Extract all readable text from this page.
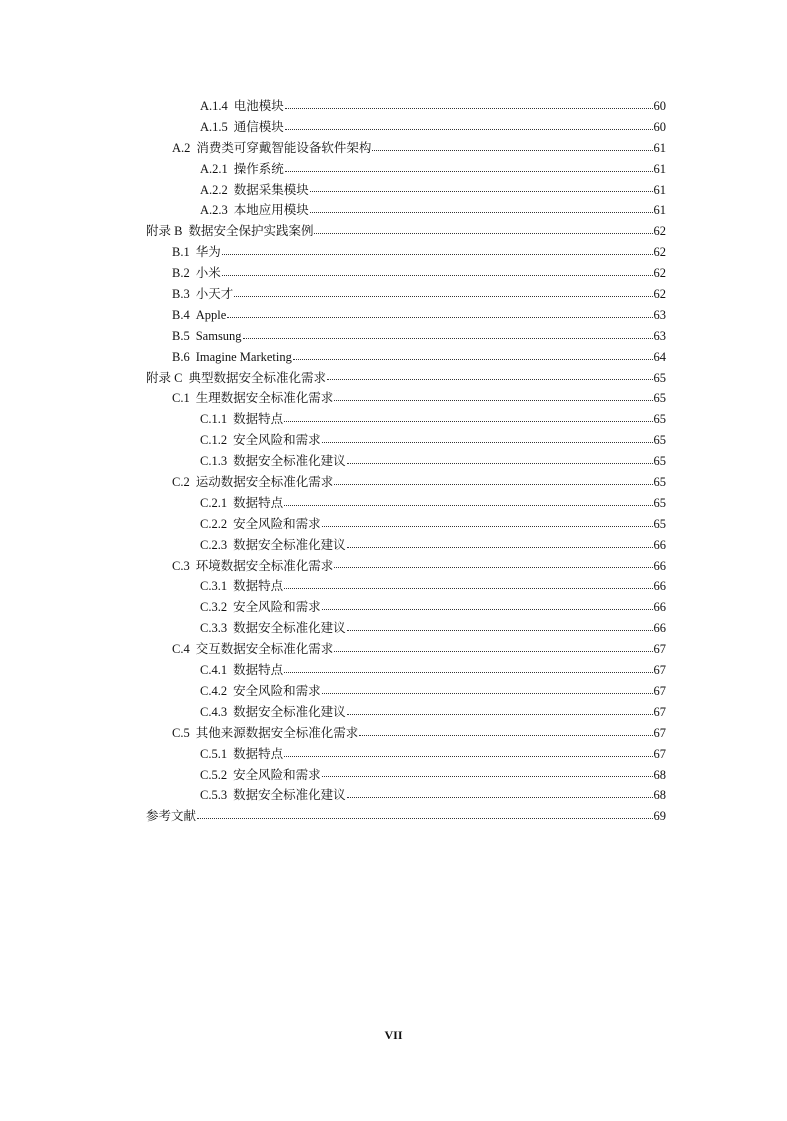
A.1.4 电池模块	60
A.1.5 通信模块	60
A.2 消费类可穿戴智能设备软件架构	61
A.2.1 操作系统	61
A.2.2 数据采集模块	61
A.2.3 本地应用模块	61
附录 B 数据安全保护实践案例	62
B.1 华为	62
B.2 小米	62
B.3 小天才	62
B.4 Apple	63
B.5 Samsung	63
B.6 Imagine Marketing	64
附录 C 典型数据安全标准化需求	65
C.1 生理数据安全标准化需求	65
C.1.1 数据特点	65
C.1.2 安全风险和需求	65
C.1.3 数据安全标准化建议	65
C.2 运动数据安全标准化需求	65
C.2.1 数据特点	65
C.2.2 安全风险和需求	65
C.2.3 数据安全标准化建议	66
C.3 环境数据安全标准化需求	66
C.3.1 数据特点	66
C.3.2 安全风险和需求	66
C.3.3 数据安全标准化建议	66
C.4 交互数据安全标准化需求	67
C.4.1 数据特点	67
C.4.2 安全风险和需求	67
C.4.3 数据安全标准化建议	67
C.5 其他来源数据安全标准化需求	67
C.5.1 数据特点	67
C.5.2 安全风险和需求	68
C.5.3 数据安全标准化建议	68
参考文献	69
VII
